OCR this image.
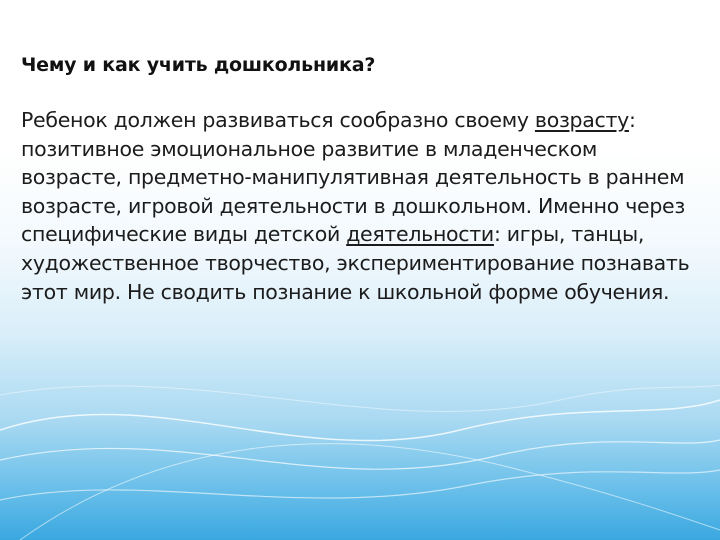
Чему и как учить дошкольника?

Ребенок должен развиваться сообразно своему возрасту: позитивное эмоциональное развитие в младенческом возрасте, предметно-манипулятивная деятельность в раннем возрасте, игровой деятельности в дошкольном. Именно через специфические виды детской деятельности: игры, танцы, художественное творчество, экспериментирование познавать этот мир. Не сводить познание к школьной форме обучения.
